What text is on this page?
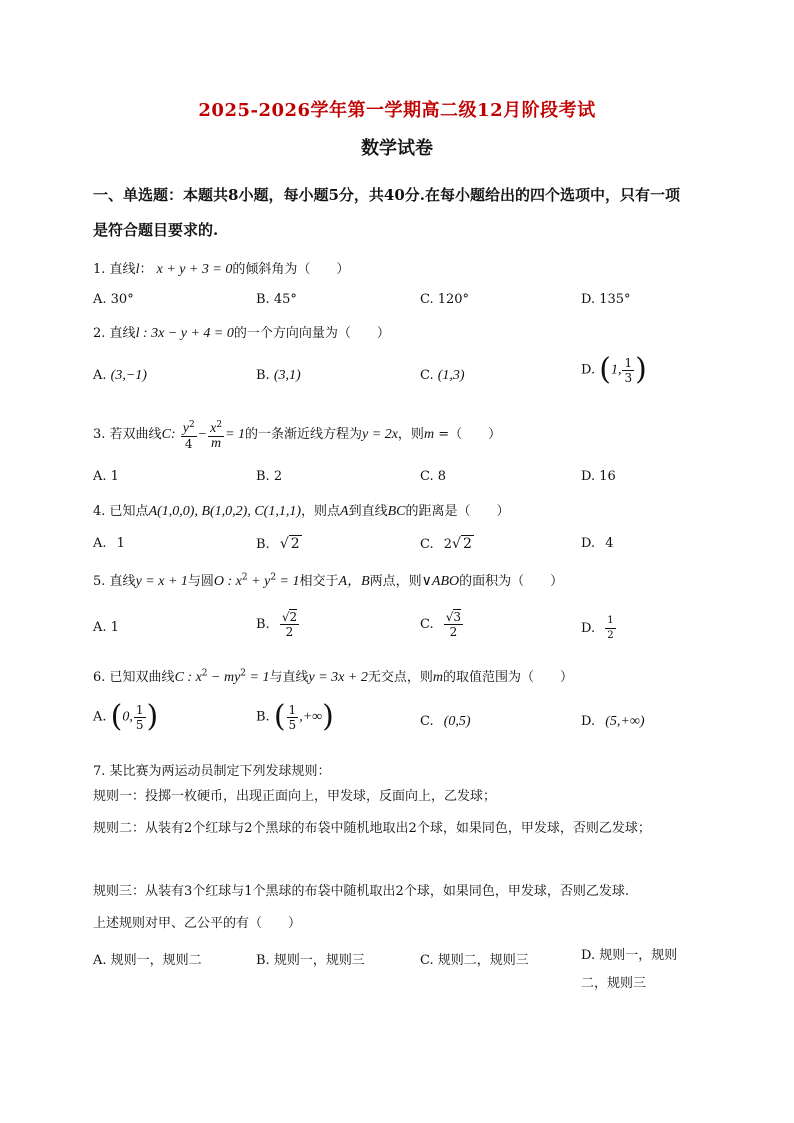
2025-2026学年第一学期高二级12月阶段考试
数学试卷
一、单选题：本题共8小题，每小题5分，共40分.在每小题给出的四个选项中，只有一项是符合题目要求的.
1. 直线l： x + y + 3 = 0的倾斜角为（　　）
A. 30°	B. 45°	C. 120°	D. 135°
2. 直线l : 3x − y + 4 = 0的一个方向向量为（　　）
A. (3,−1)	B. (3,1)	C. (1,3)	D. (1, $\frac{1}{3}$ )
3. 若双曲线C: $\frac{y^2}{4} - \frac{x^2}{m} = 1$的一条渐近线方程为y = 2x，则m =（　　）
A. 1	B. 2	C. 8	D. 16
4. 已知点A(1,0,0), B(1,0,2), C(1,1,1)，则点A到直线BC的距离是（　　）
A. 1	B. √ 2	C. 2√ 2	D. 4
5. 直线y = x + 1与圆O : $x^2 + y^2 = 1$相交于A，B两点，则∨ABO的面积为（　　）
A. 1	B. $\frac{√2}{2}$	C. $\frac{√3}{2}$	D. $\frac{1}{2}$
6. 已知双曲线C : $x^2 - my^2 = 1$与直线y = 3x + 2无交点，则m的取值范围为（　　）
A. (0, $\frac{1}{5}$ )	B. ( $\frac{1}{5}$ ,+∞)	C. (0,5)	D. (5,+∞)
7. 某比赛为两运动员制定下列发球规则：
规则一：投掷一枚硬币，出现正面向上，甲发球，反面向上，乙发球；
规则二：从装有2个红球与2个黑球的布袋中随机地取出2个球，如果同色，甲发球，否则乙发球；
规则三：从装有3个红球与1个黑球的布袋中随机取出2个球，如果同色，甲发球，否则乙发球.
上述规则对甲、乙公平的有（　　）
A. 规则一，规则二	B. 规则一，规则三	C. 规则二，规则三	D. 规则一，规则二，规则三
